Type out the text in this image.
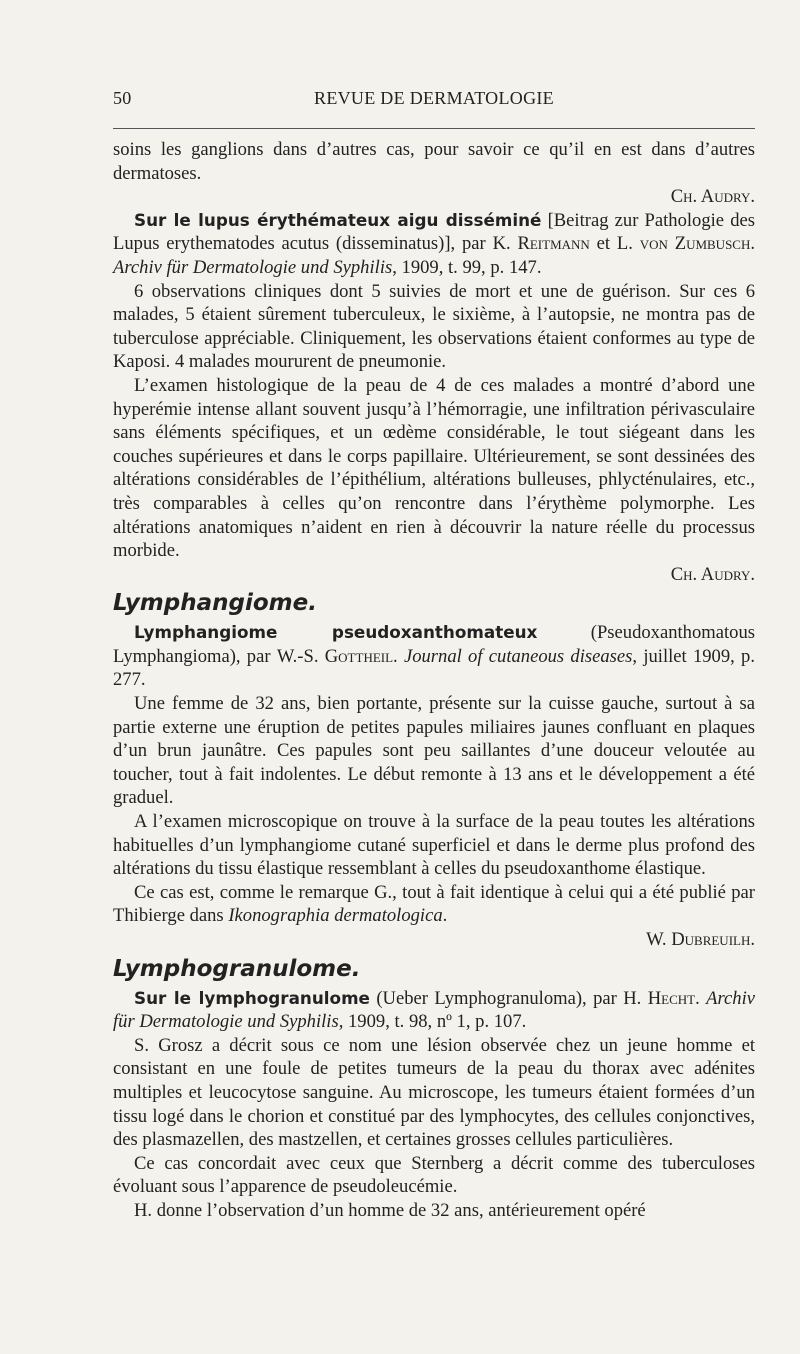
50	REVUE DE DERMATOLOGIE

soins les ganglions dans d’autres cas, pour savoir ce qu’il en est dans d’autres dermatoses.

Ch. Audry.

Sur le lupus érythémateux aigu disséminé [Beitrag zur Pathologie des Lupus erythematodes acutus (disseminatus)], par K. Reitmann et L. von Zumbusch. Archiv für Dermatologie und Syphilis, 1909, t. 99, p. 147.

6 observations cliniques dont 5 suivies de mort et une de guérison. Sur ces 6 malades, 5 étaient sûrement tuberculeux, le sixième, à l’autopsie, ne montra pas de tuberculose appréciable. Cliniquement, les observations étaient conformes au type de Kaposi. 4 malades moururent de pneumonie.

L’examen histologique de la peau de 4 de ces malades a montré d’abord une hyperémie intense allant souvent jusqu’à l’hémorragie, une infiltration périvasculaire sans éléments spécifiques, et un œdème considérable, le tout siégeant dans les couches supérieures et dans le corps papillaire. Ultérieurement, se sont dessinées des altérations considérables de l’épithélium, altérations bulleuses, phlycténulaires, etc., très comparables à celles qu’on rencontre dans l’érythème polymorphe. Les altérations anatomiques n’aident en rien à découvrir la nature réelle du processus morbide.

Ch. Audry.

Lymphangiome.

Lymphangiome pseudoxanthomateux (Pseudoxanthomatous Lymphangioma), par W.-S. Gottheil. Journal of cutaneous diseases, juillet 1909, p. 277.

Une femme de 32 ans, bien portante, présente sur la cuisse gauche, surtout à sa partie externe une éruption de petites papules miliaires jaunes confluant en plaques d’un brun jaunâtre. Ces papules sont peu saillantes d’une douceur veloutée au toucher, tout à fait indolentes. Le début remonte à 13 ans et le développement a été graduel.

A l’examen microscopique on trouve à la surface de la peau toutes les altérations habituelles d’un lymphangiome cutané superficiel et dans le derme plus profond des altérations du tissu élastique ressemblant à celles du pseudoxanthome élastique.

Ce cas est, comme le remarque G., tout à fait identique à celui qui a été publié par Thibierge dans Ikonographia dermatologica.

W. Dubreuilh.

Lymphogranulome.

Sur le lymphogranulome (Ueber Lymphogranuloma), par H. Hecht. Archiv für Dermatologie und Syphilis, 1909, t. 98, nº 1, p. 107.

S. Grosz a décrit sous ce nom une lésion observée chez un jeune homme et consistant en une foule de petites tumeurs de la peau du thorax avec adénites multiples et leucocytose sanguine. Au microscope, les tumeurs étaient formées d’un tissu logé dans le chorion et constitué par des lymphocytes, des cellules conjonctives, des plasmazellen, des mastzellen, et certaines grosses cellules particulières.

Ce cas concordait avec ceux que Sternberg a décrit comme des tuberculoses évoluant sous l’apparence de pseudoleucémie.

H. donne l’observation d’un homme de 32 ans, antérieurement opéré
